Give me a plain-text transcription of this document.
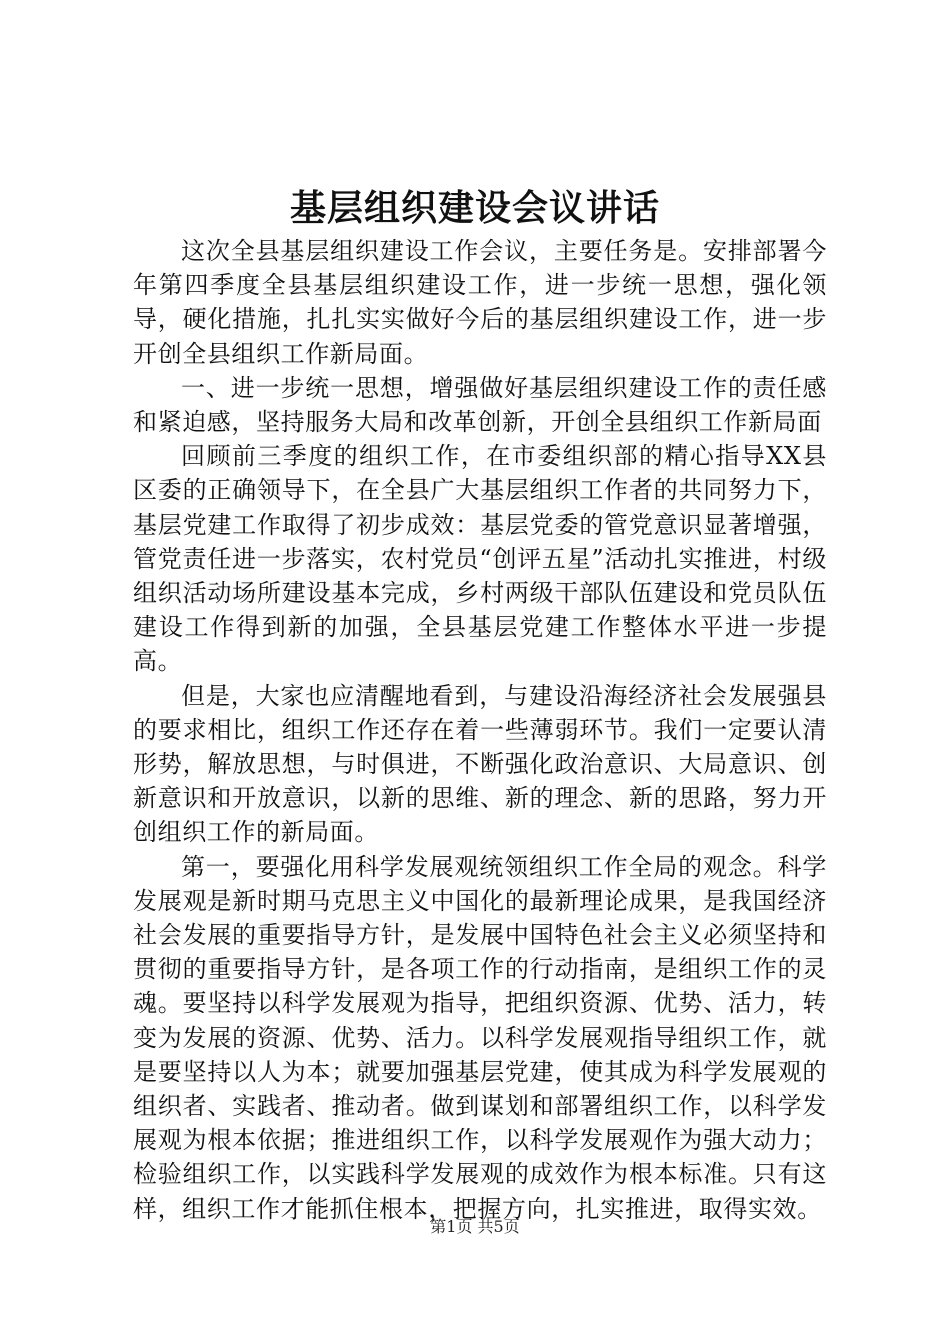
基层组织建设会议讲话

这次全县基层组织建设工作会议，主要任务是。安排部署今年第四季度全县基层组织建设工作，进一步统一思想，强化领导，硬化措施，扎扎实实做好今后的基层组织建设工作，进一步开创全县组织工作新局面。

一、进一步统一思想，增强做好基层组织建设工作的责任感和紧迫感，坚持服务大局和改革创新，开创全县组织工作新局面

回顾前三季度的组织工作，在市委组织部的精心指导XX县区委的正确领导下，在全县广大基层组织工作者的共同努力下，基层党建工作取得了初步成效：基层党委的管党意识显著增强，管党责任进一步落实，农村党员“创评五星”活动扎实推进，村级组织活动场所建设基本完成，乡村两级干部队伍建设和党员队伍建设工作得到新的加强，全县基层党建工作整体水平进一步提高。

但是，大家也应清醒地看到，与建设沿海经济社会发展强县的要求相比，组织工作还存在着一些薄弱环节。我们一定要认清形势，解放思想，与时俱进，不断强化政治意识、大局意识、创新意识和开放意识，以新的思维、新的理念、新的思路，努力开创组织工作的新局面。

第一，要强化用科学发展观统领组织工作全局的观念。科学发展观是新时期马克思主义中国化的最新理论成果，是我国经济社会发展的重要指导方针，是发展中国特色社会主义必须坚持和贯彻的重要指导方针，是各项工作的行动指南，是组织工作的灵魂。要坚持以科学发展观为指导，把组织资源、优势、活力，转变为发展的资源、优势、活力。以科学发展观指导组织工作，就是要坚持以人为本；就要加强基层党建，使其成为科学发展观的组织者、实践者、推动者。做到谋划和部署组织工作，以科学发展观为根本依据；推进组织工作，以科学发展观作为强大动力；检验组织工作，以实践科学发展观的成效作为根本标准。只有这样，组织工作才能抓住根本，把握方向，扎实推进，取得实效。

第1页 共5页
